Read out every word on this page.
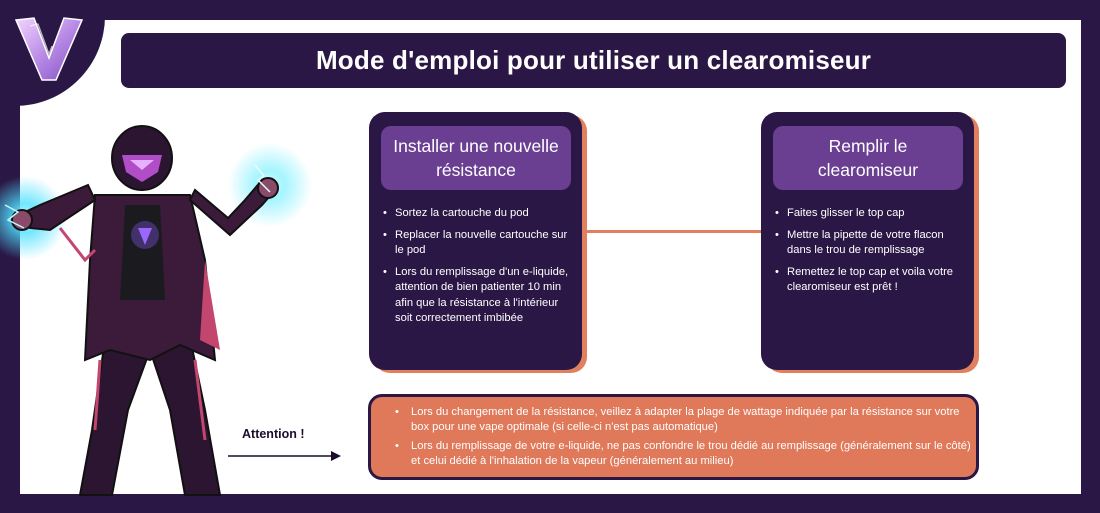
Mode d'emploi pour utiliser un clearomiseur
Installer une nouvelle résistance
• Sortez la cartouche du pod
• Replacer la nouvelle cartouche sur le pod
• Lors du remplissage d'un e-liquide, attention de bien patienter 10 min afin que la résistance à l'intérieur soit correctement imbibée
Remplir le clearomiseur
• Faites glisser le top cap
• Mettre la pipette de votre flacon dans le trou de remplissage
• Remettez le top cap et voila votre clearomiseur est prêt !
Attention !
• Lors du changement de la résistance, veillez à adapter la plage de wattage indiquée par la résistance sur votre box pour une vape optimale (si celle-ci n'est pas automatique)
• Lors du remplissage de votre e-liquide, ne pas confondre le trou dédié au remplissage (généralement sur le côté) et celui dédié à l'inhalation de la vapeur (généralement au milieu)
